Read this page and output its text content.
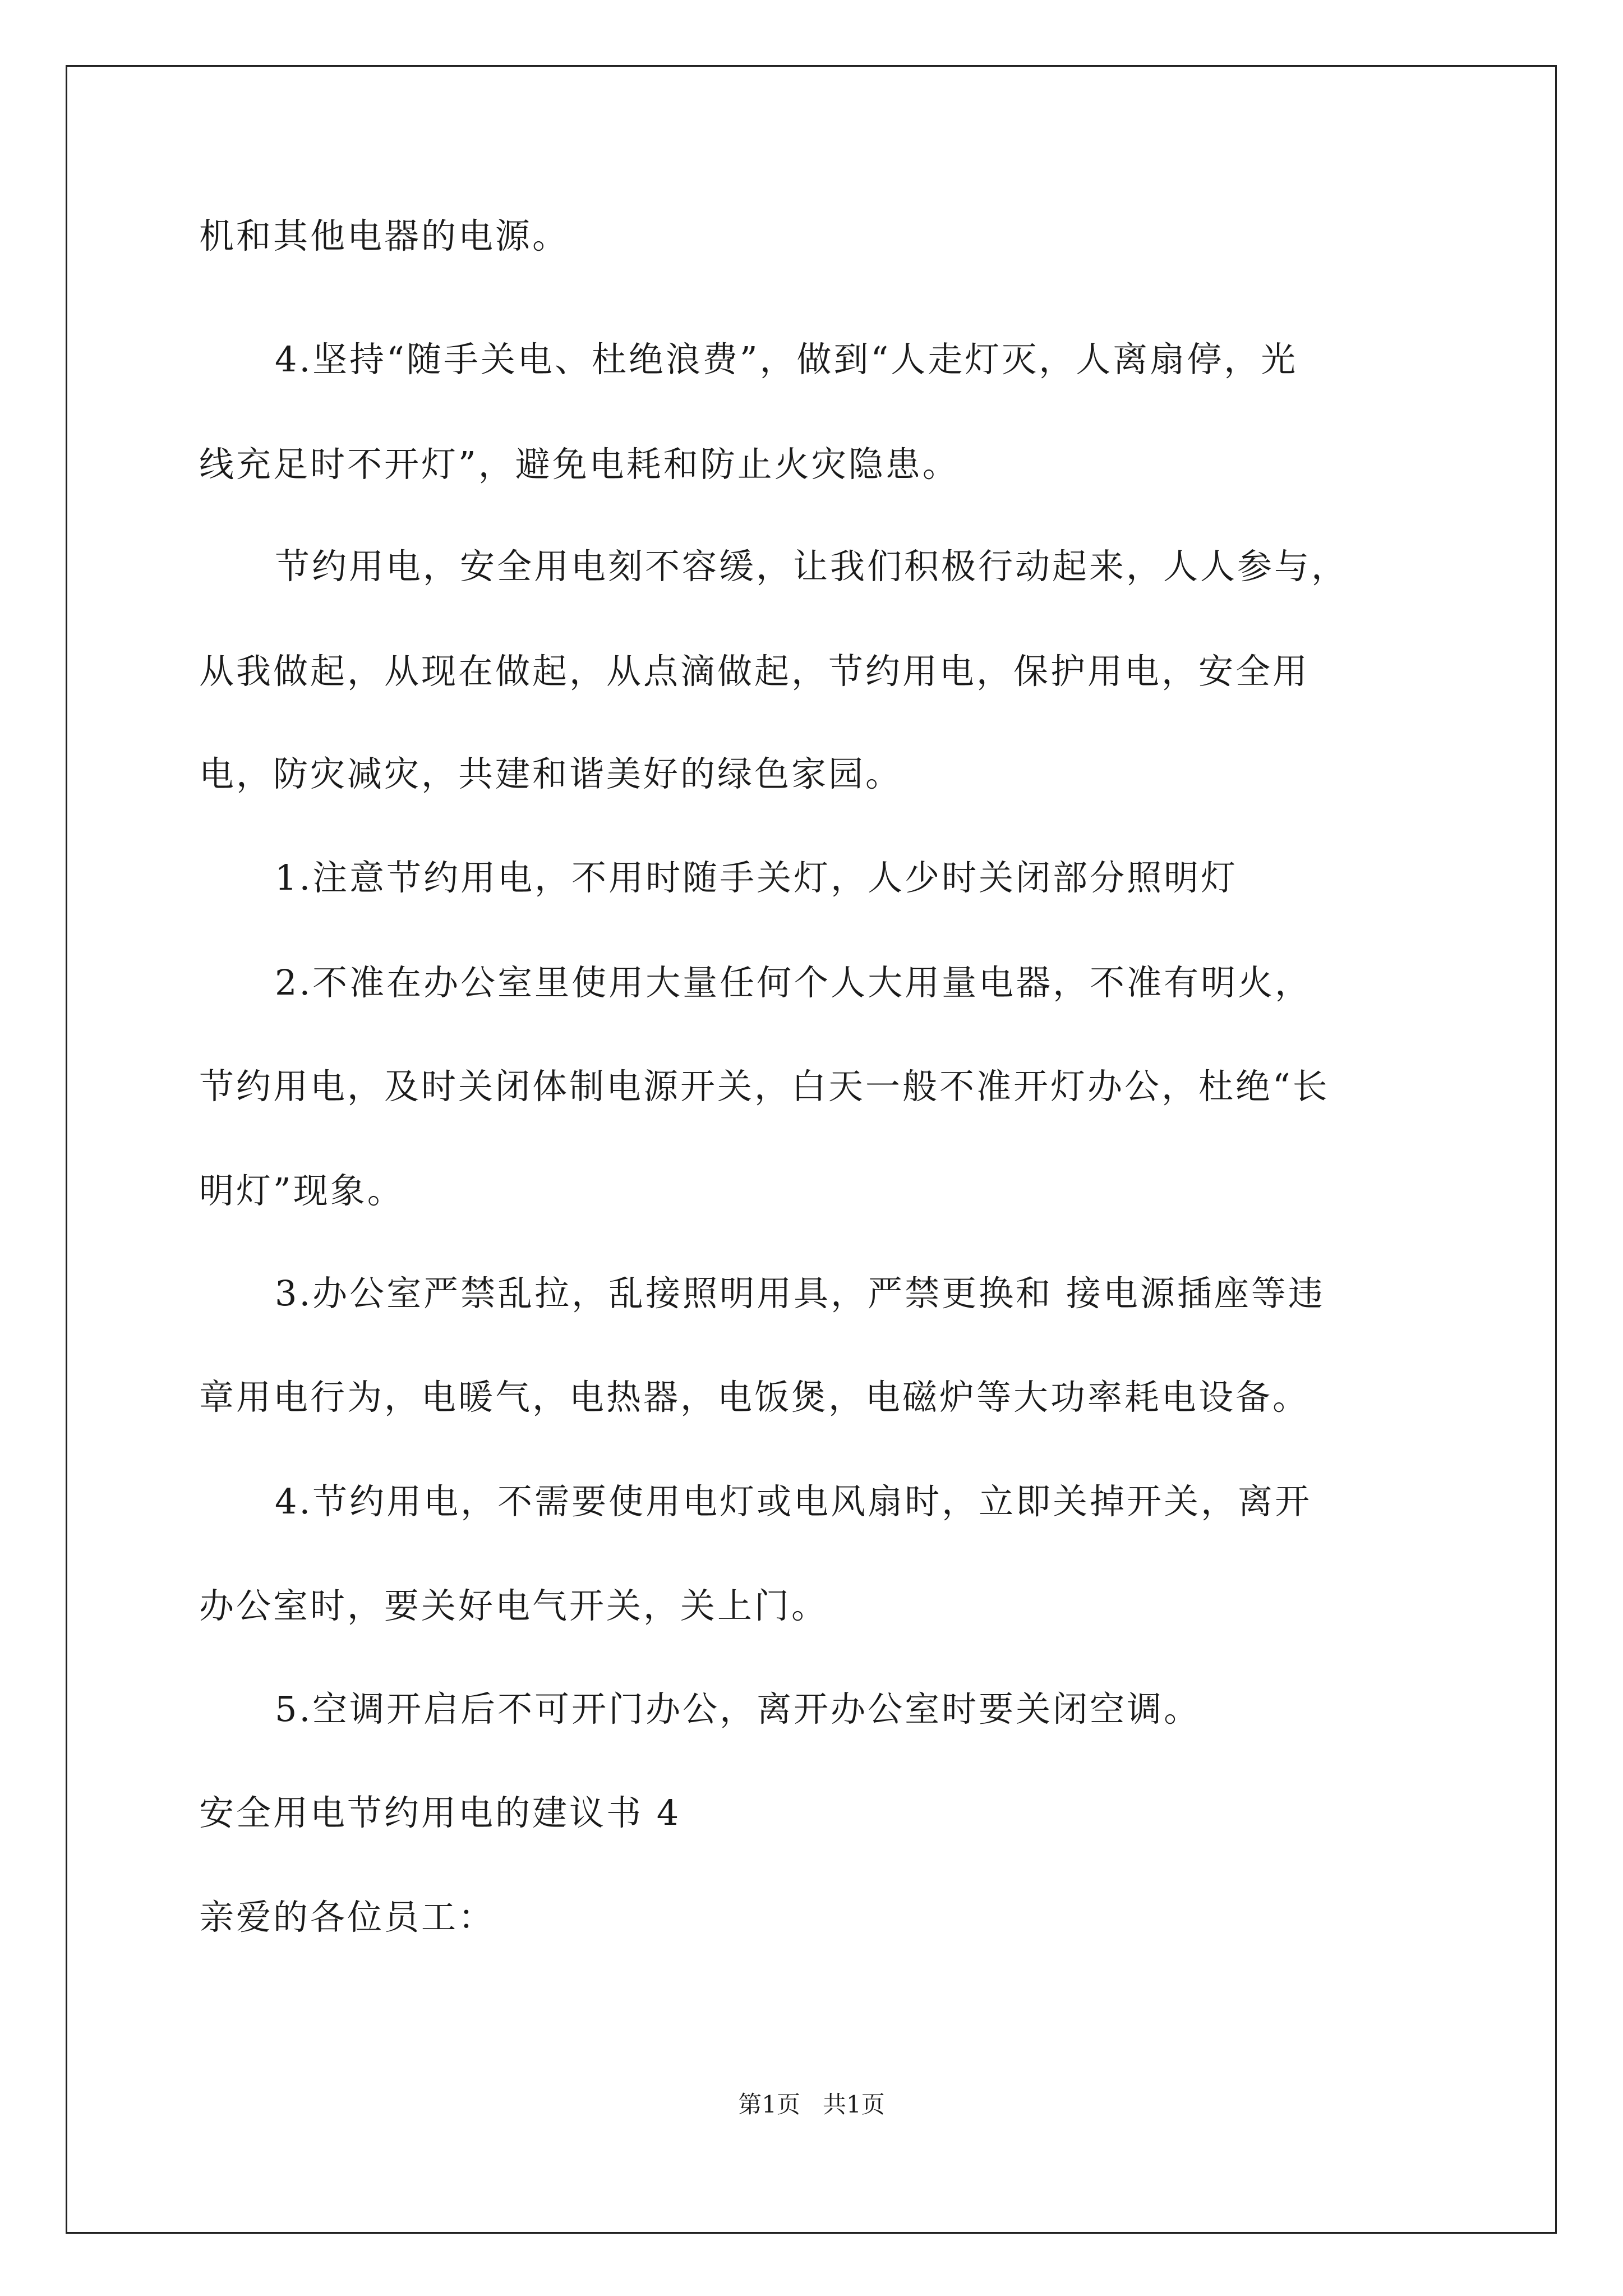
机和其他电器的电源。
4.坚持“随手关电、杜绝浪费”，做到“人走灯灭，人离扇停，光
线充足时不开灯”，避免电耗和防止火灾隐患。
节约用电，安全用电刻不容缓，让我们积极行动起来，人人参与，
从我做起，从现在做起，从点滴做起，节约用电，保护用电，安全用
电，防灾减灾，共建和谐美好的绿色家园。
1.注意节约用电，不用时随手关灯，人少时关闭部分照明灯
2.不准在办公室里使用大量任何个人大用量电器，不准有明火，
节约用电，及时关闭体制电源开关，白天一般不准开灯办公，杜绝“长
明灯”现象。
3.办公室严禁乱拉，乱接照明用具，严禁更换和 接电源插座等违
章用电行为，电暖气，电热器，电饭煲，电磁炉等大功率耗电设备。
4.节约用电，不需要使用电灯或电风扇时，立即关掉开关，离开
办公室时，要关好电气开关，关上门。
5.空调开启后不可开门办公，离开办公室时要关闭空调。
安全用电节约用电的建议书 4
亲爱的各位员工：
第1页   共1页
